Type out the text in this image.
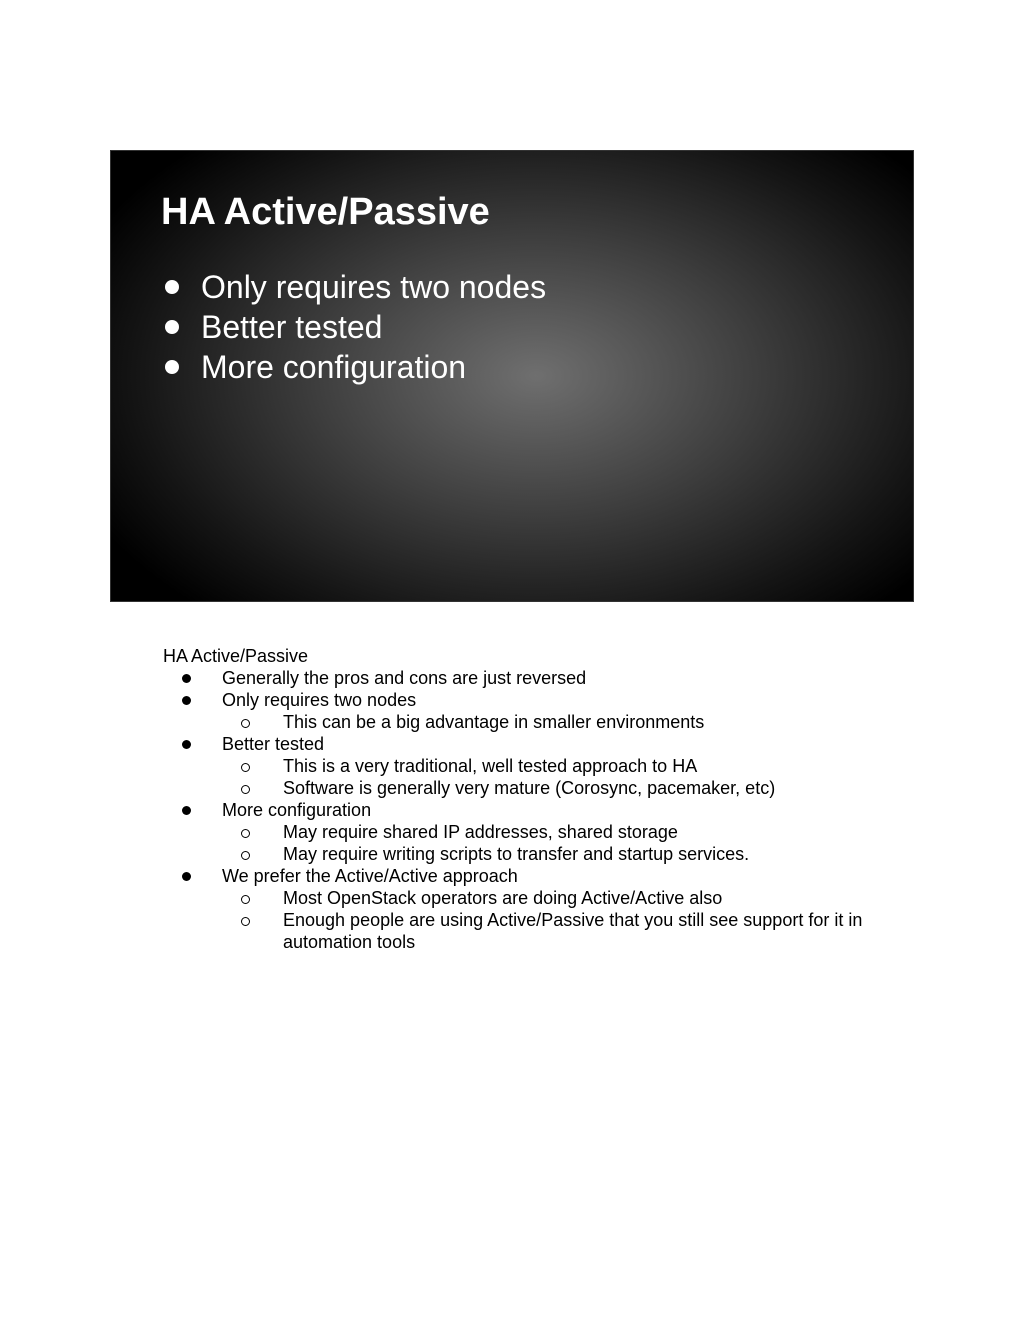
HA Active/Passive
Only requires two nodes
Better tested
More configuration

HA Active/Passive

Generally the pros and cons are just reversed
Only requires two nodes
This can be a big advantage in smaller environments
Better tested
This is a very traditional, well tested approach to HA
Software is generally very mature (Corosync, pacemaker, etc)
More configuration
May require shared IP addresses, shared storage
May require writing scripts to transfer and startup services.
We prefer the Active/Active approach
Most OpenStack operators are doing Active/Active also
Enough people are using Active/Passive that you still see support for it in automation tools
